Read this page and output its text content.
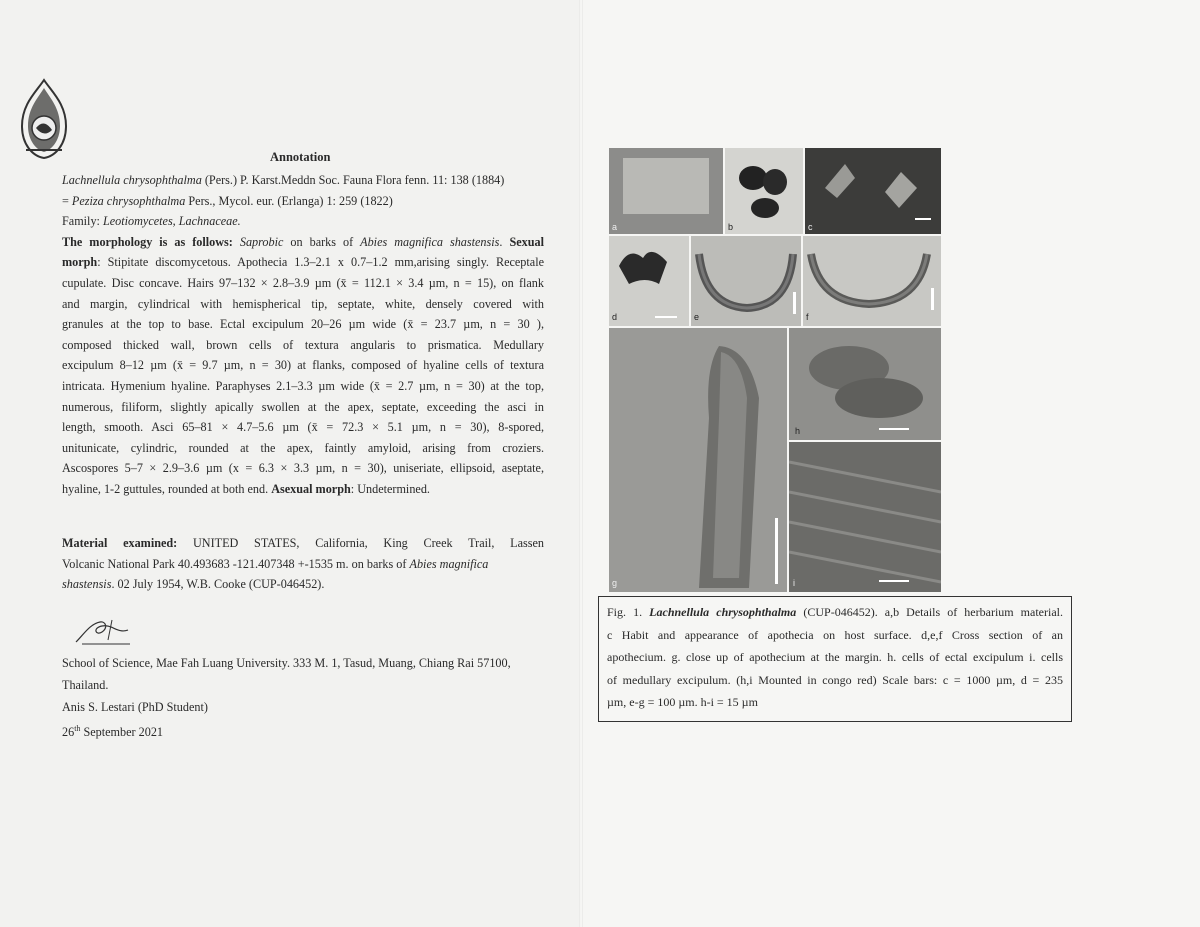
Annotation
Lachnellula chrysophthalma (Pers.) P. Karst.Meddn Soc. Fauna Flora fenn. 11: 138 (1884)
= Peziza chrysophthalma Pers., Mycol. eur. (Erlanga) 1: 259 (1822)
Family: Leotiomycetes, Lachnaceae.
The morphology is as follows: Saprobic on barks of Abies magnifica shastensis. Sexual
morph: Stipitate discomycetous. Apothecia 1.3–2.1 x 0.7–1.2 mm,arising singly. Receptale
cupulate. Disc concave. Hairs 97–132 × 2.8–3.9 µm (x̄ = 112.1 × 3.4 µm, n = 15), on flank
and margin, cylindrical with hemispherical tip, septate, white, densely covered with
granules at the top to base. Ectal excipulum 20–26 µm wide (x̄ = 23.7 µm, n = 30 ),
composed thicked wall, brown cells of textura angularis to prismatica. Medullary
excipulum 8–12 µm (x̄ = 9.7 µm, n = 30) at flanks, composed of hyaline cells of textura
intricata. Hymenium hyaline. Paraphyses 2.1–3.3 µm wide (x̄ = 2.7 µm, n = 30) at the top,
numerous, filiform, slightly apically swollen at the apex, septate, exceeding the asci in
length, smooth. Asci 65–81 × 4.7–5.6 µm (x̄ = 72.3 × 5.1 µm, n = 30), 8-spored,
unitunicate, cylindric, rounded at the apex, faintly amyloid, arising from croziers.
Ascospores 5–7 × 2.9–3.6 µm (x = 6.3 × 3.3 µm, n = 30), uniseriate, ellipsoid, aseptate,
hyaline, 1-2 guttules, rounded at both end. Asexual morph: Undetermined.
Material examined: UNITED STATES, California, King Creek Trail, Lassen
Volcanic National Park 40.493683 -121.407348 +-1535 m. on barks of Abies magnifica
shastensis. 02 July 1954, W.B. Cooke (CUP-046452).
School of Science, Mae Fah Luang University. 333 M. 1, Tasud, Muang, Chiang Rai 57100,
Thailand.
Anis S. Lestari (PhD Student)
26th September 2021
a	b	c
d	e	f
g
h
i
Fig. 1. Lachnellula chrysophthalma (CUP-046452). a,b Details of herbarium material.
c Habit and appearance of apothecia on host surface. d,e,f Cross section of an
apothecium. g. close up of apothecium at the margin. h. cells of ectal excipulum i. cells
of medullary excipulum. (h,i Mounted in congo red) Scale bars: c = 1000 µm, d = 235
µm, e-g = 100 µm. h-i = 15 µm
